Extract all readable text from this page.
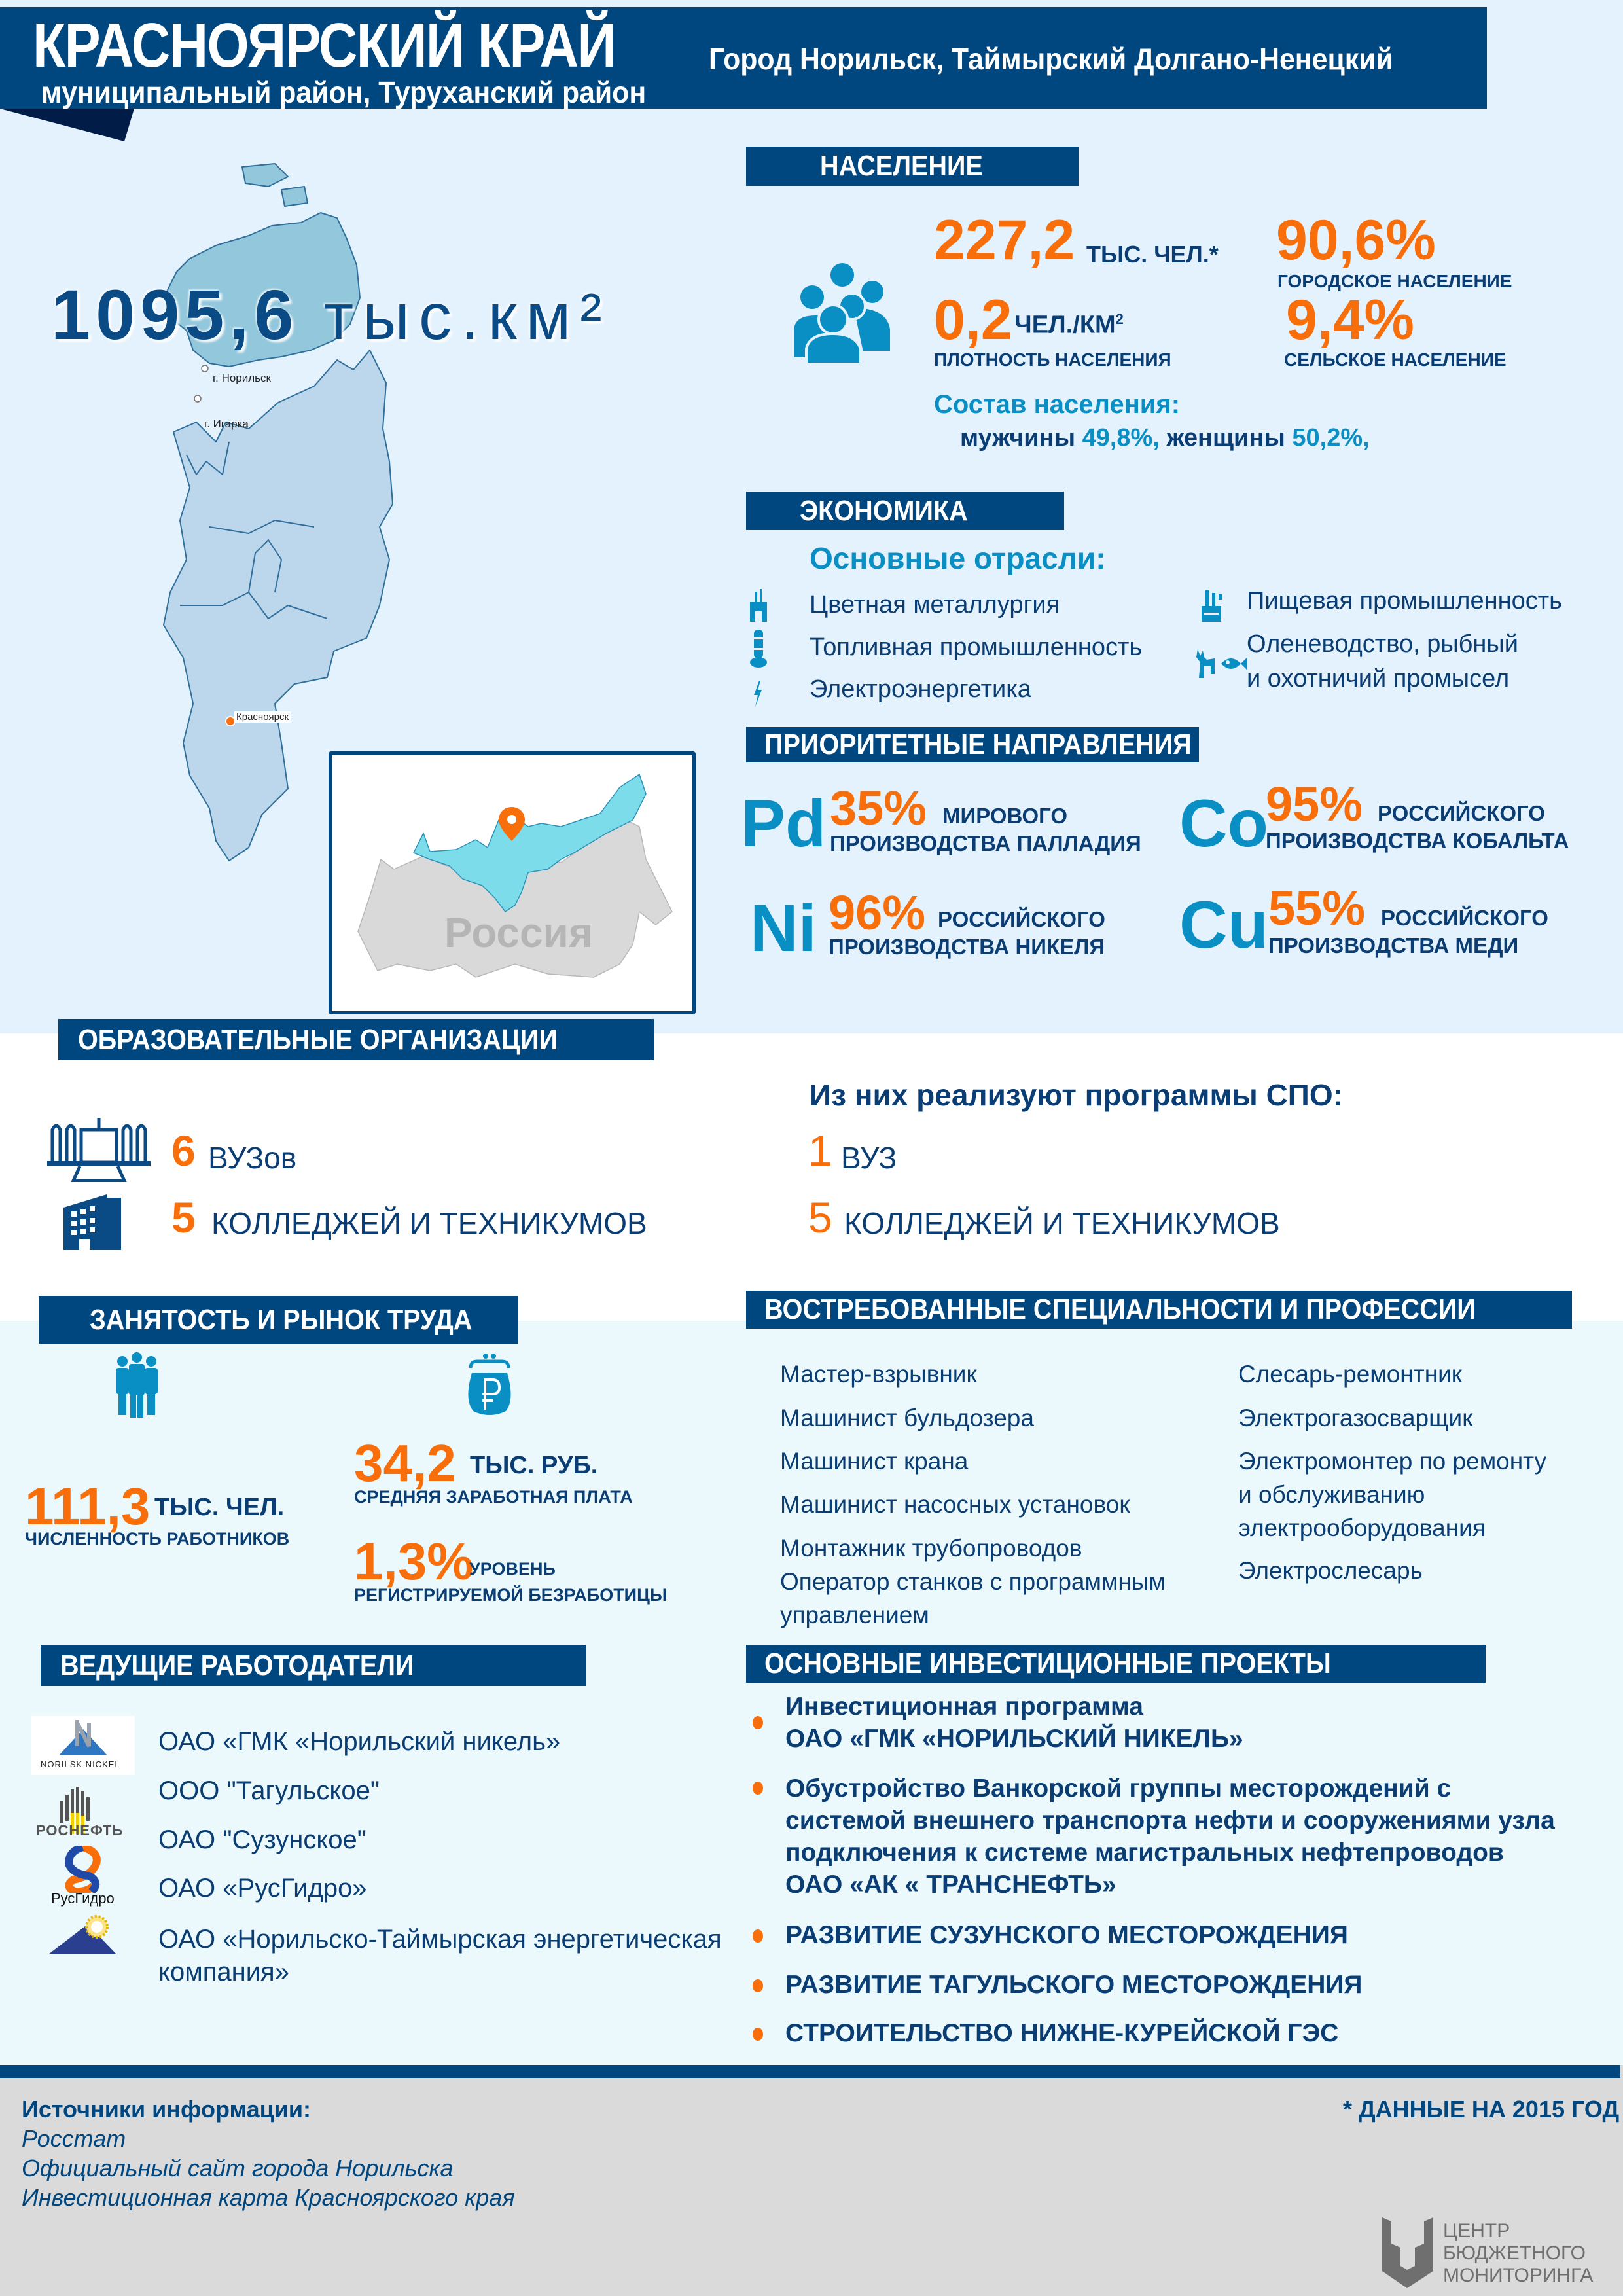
КРАСНОЯРСКИЙ КРАЙ	Город Норильск, Таймырский Долгано-Ненецкий
муниципальный район, Туруханский район
г. Норильск
г. Игарка
Красноярск
1095,6 тыс.км²
Россия
НАСЕЛЕНИЕ
227,2 ТЫС. ЧЕЛ.* 90,6%
ГОРОДСКОЕ НАСЕЛЕНИЕ
0,2 $ЧЕЛ./КМ^2$
ПЛОТНОСТЬ НАСЕЛЕНИЯ
9,4%
СЕЛЬСКОЕ НАСЕЛЕНИЕ
Состав населения:
мужчины 49,8%, женщины 50,2%,
ЭКОНОМИКА
Основные отрасли:
Цветная металлургия
Топливная промышленность
Электроэнергетика
Пищевая промышленность
Оленеводство, рыбный
и охотничий промысел
ПРИОРИТЕТНЫЕ НАПРАВЛЕНИЯ
Pd 35% МИРОВОГО
ПРОИЗВОДСТВА ПАЛЛАДИЯ Co
95% РОССИЙСКОГО
ПРОИЗВОДСТВА КОБАЛЬТА
Ni 96% РОССИЙСКОГО
ПРОИЗВОДСТВА НИКЕЛЯ Cu 55% РОССИЙСКОГО
ПРОИЗВОДСТВА МЕДИ
ОБРАЗОВАТЕЛЬНЫЕ ОРГАНИЗАЦИИ
Из них реализуют программы СПО:
6 ВУЗов
5 КОЛЛЕДЖЕЙ И ТЕХНИКУМОВ
1 ВУЗ
5 КОЛЛЕДЖЕЙ И ТЕХНИКУМОВ
ЗАНЯТОСТЬ И РЫНОК ТРУДА
111,3 ТЫС. ЧЕЛ.
ЧИСЛЕННОСТЬ РАБОТНИКОВ
34,2 ТЫС. РУБ.
СРЕДНЯЯ ЗАРАБОТНАЯ ПЛАТА
1,3%
УРОВЕНЬ
РЕГИСТРИРУЕМОЙ БЕЗРАБОТИЦЫ
ВОСТРЕБОВАННЫЕ СПЕЦИАЛЬНОСТИ И ПРОФЕССИИ
Мастер-взрывник
Машинист бульдозера
Машинист крана
Машинист насосных установок
Монтажник трубопроводов
Оператор станков с программным
управлением
Слесарь-ремонтник
Электрогазосварщик
Электромонтер по ремонту
и обслуживанию
электрооборудования
Электрослесарь
ВЕДУЩИЕ РАБОТОДАТЕЛИ
NORILSK NICKEL
РОСНЕФТЬ
РусГидро
ОАО «ГМК «Норильский никель»
ООО "Тагульское"
ОАО "Сузунское"
ОАО «РусГидро»
ОАО «Норильско-Таймырская энергетическая
компания»
ОСНОВНЫЕ ИНВЕСТИЦИОННЫЕ ПРОЕКТЫ
Инвестиционная программа
ОАО «ГМК «НОРИЛЬСКИЙ НИКЕЛЬ»
Обустройство Ванкорской группы месторождений с
системой внешнего транспорта нефти и сооружениями узла
подключения к системе магистральных нефтепроводов
ОАО «АК « ТРАНСНЕФТЬ»
РАЗВИТИЕ СУЗУНСКОГО МЕСТОРОЖДЕНИЯ
РАЗВИТИЕ ТАГУЛЬСКОГО МЕСТОРОЖДЕНИЯ
СТРОИТЕЛЬСТВО НИЖНЕ-КУРЕЙСКОЙ ГЭС
Источники информации:
Росстат
Официальный сайт города Норильска
Инвестиционная карта Красноярского края
* ДАННЫЕ НА 2015 ГОД
ЦЕНТР
БЮДЖЕТНОГО
МОНИТОРИНГА
